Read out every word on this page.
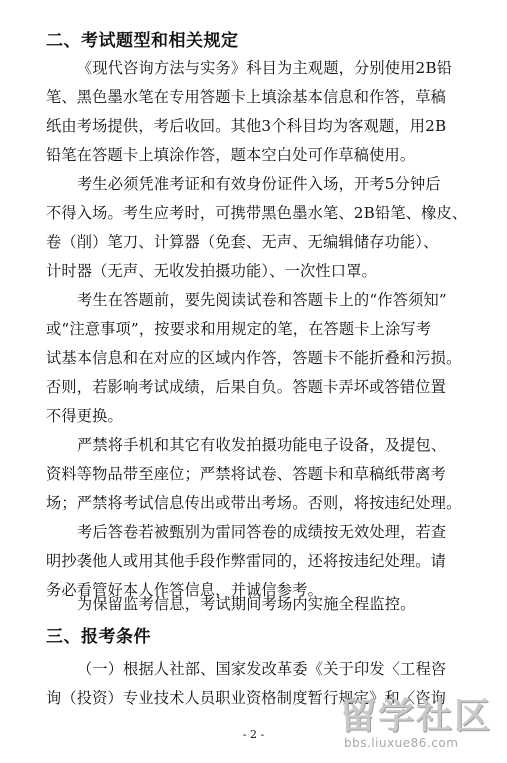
二、考试题型和相关规定
《现代咨询方法与实务》科目为主观题，分别使用2B铅
笔、黑色墨水笔在专用答题卡上填涂基本信息和作答，草稿
纸由考场提供，考后收回。其他3个科目均为客观题，用2B
铅笔在答题卡上填涂作答，题本空白处可作草稿使用。
考生必须凭准考证和有效身份证件入场，开考5分钟后
不得入场。考生应考时，可携带黑色墨水笔、2B铅笔、橡皮、
卷（削）笔刀、计算器（免套、无声、无编辑储存功能）、
计时器（无声、无收发拍摄功能）、一次性口罩。
考生在答题前，要先阅读试卷和答题卡上的“作答须知”
或“注意事项”，按要求和用规定的笔，在答题卡上涂写考
试基本信息和在对应的区域内作答，答题卡不能折叠和污损。
否则，若影响考试成绩，后果自负。答题卡弄坏或答错位置
不得更换。
严禁将手机和其它有收发拍摄功能电子设备，及提包、
资料等物品带至座位；严禁将试卷、答题卡和草稿纸带离考
场；严禁将考试信息传出或带出考场。否则，将按违纪处理。
考后答卷若被甄别为雷同答卷的成绩按无效处理，若查
明抄袭他人或用其他手段作弊雷同的，还将按违纪处理。请
务必看管好本人作答信息，并诚信参考。
为保留监考信息，考试期间考场内实施全程监控。
三、报考条件
（一）根据人社部、国家发改革委《关于印发〈工程咨
询（投资）专业技术人员职业资格制度暂行规定》和〈咨询
- 2 -	留学社区
bbs.liuxue86.com
